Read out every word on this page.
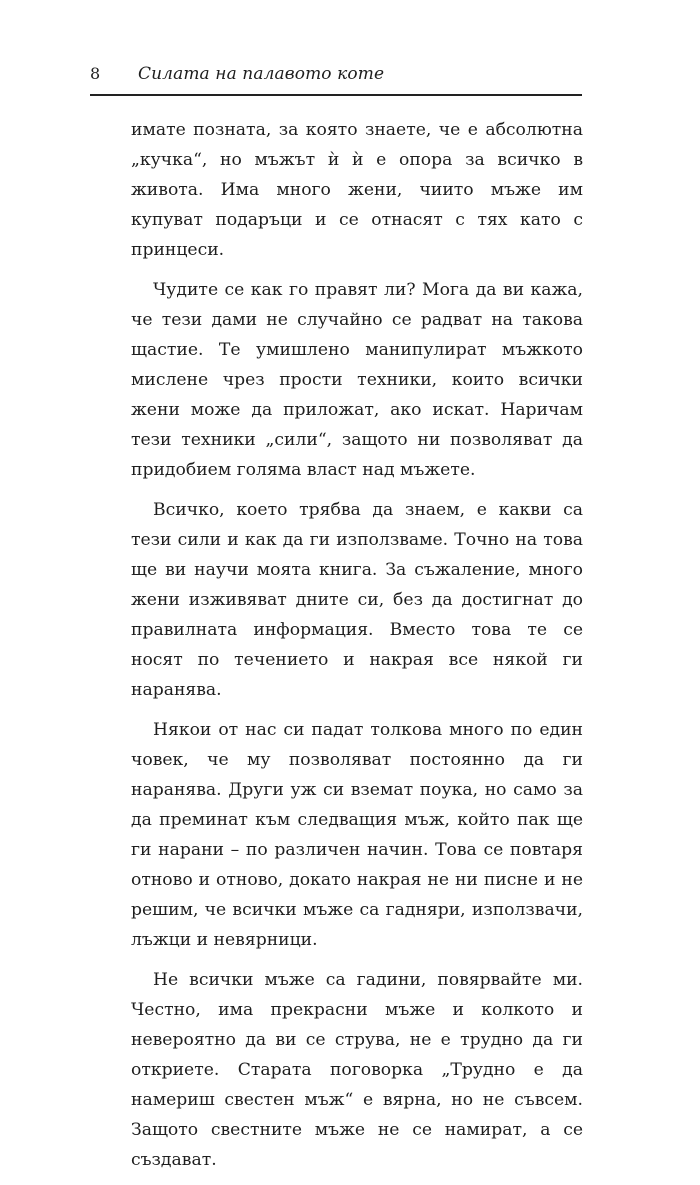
8	Силата на палавото коте

имате позната, за която знаете, че е абсолютна „кучка“, но мъжът ѝ ѝ е опора за всичко в живота. Има много жени, чиито мъже им купуват подаръци и се отнасят с тях като с принцеси.

Чудите се как го правят ли? Мога да ви кажа, че тези дами не случайно се радват на такова щастие. Те умишлено манипулират мъжкото мислене чрез прости техники, които всички жени може да приложат, ако искат. Наричам тези техники „сили“, защото ни позволяват да придобием голяма власт над мъжете.

Всичко, което трябва да знаем, е какви са тези сили и как да ги използваме. Точно на това ще ви научи моята книга. За съжаление, много жени изживяват дните си, без да достигнат до правилната информация. Вместо това те се носят по течението и накрая все някой ги наранява.

Някои от нас си падат толкова много по един човек, че му позволяват постоянно да ги наранява. Други уж си вземат поука, но само за да преминат към следващия мъж, който пак ще ги нарани – по различен начин. Това се повтаря отново и отново, докато накрая не ни писне и не решим, че всички мъже са гадняри, използвачи, лъжци и невярници.

Не всички мъже са гадини, повярвайте ми. Честно, има прекрасни мъже и колкото и невероятно да ви се струва, не е трудно да ги откриете. Старата поговорка „Трудно е да намериш свестен мъж“ е вярна, но не съвсем. Защото свестните мъже не се намират, а се създават.
